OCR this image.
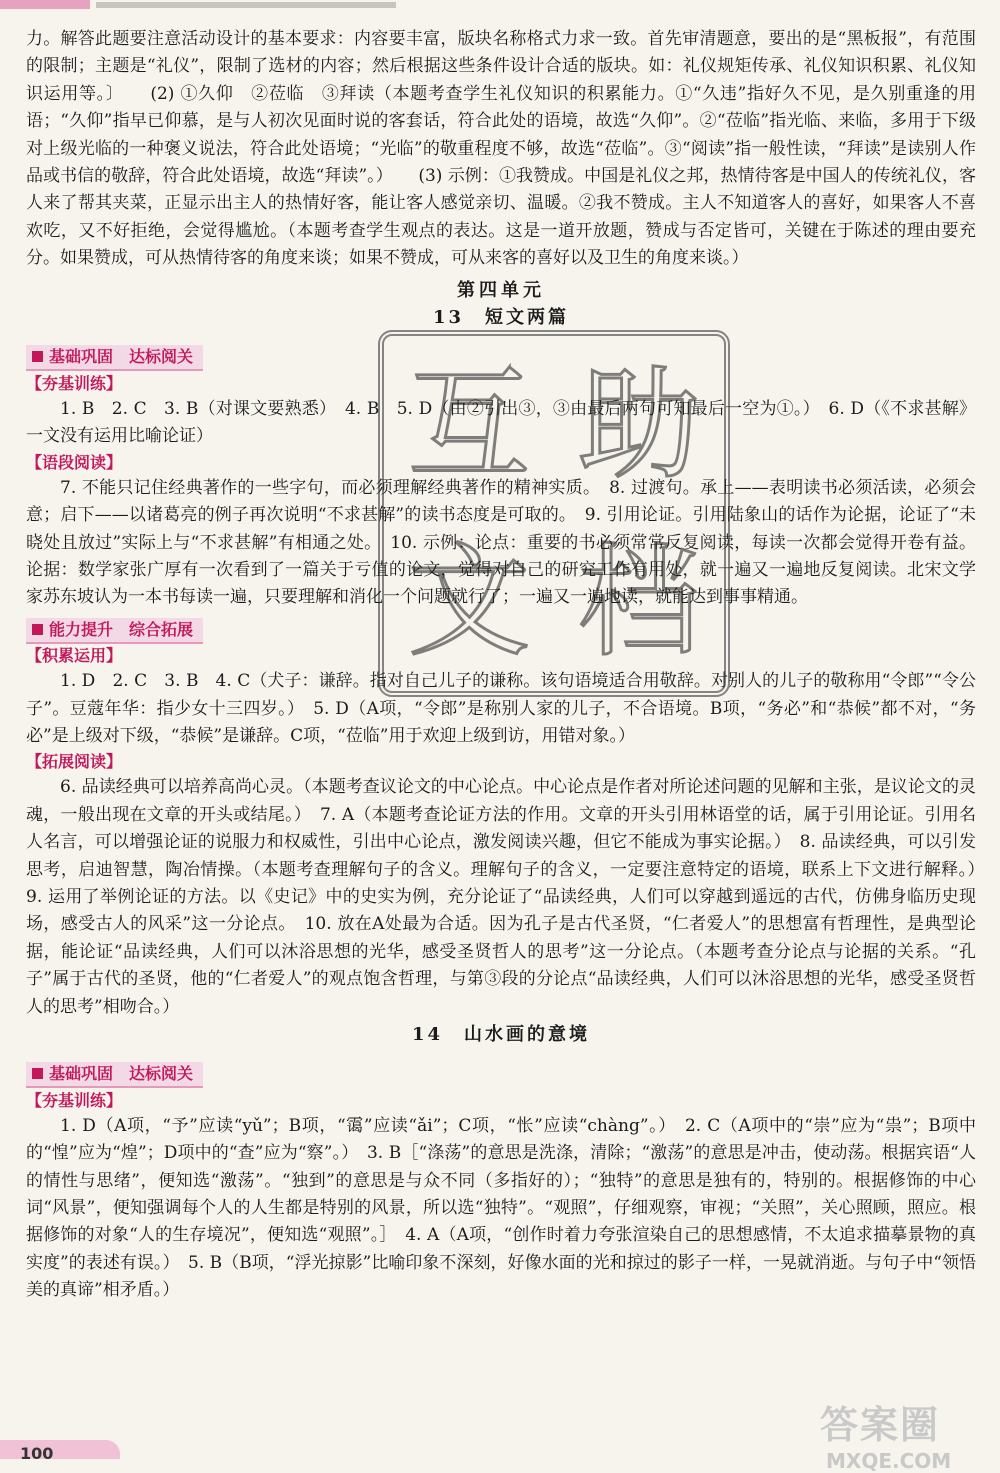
力。解答此题要注意活动设计的基本要求：内容要丰富，版块名称格式力求一致。首先审清题意，要出的是“黑板报”，有范围的限制；主题是“礼仪”，限制了选材的内容；然后根据这些条件设计合适的版块。如：礼仪规矩传承、礼仪知识积累、礼仪知识运用等。〕　　(2) ①久仰　②莅临　③拜读（本题考查学生礼仪知识的积累能力。①“久违”指好久不见，是久别重逢的用语；“久仰”指早已仰慕，是与人初次见面时说的客套话，符合此处的语境，故选“久仰”。②“莅临”指光临、来临，多用于下级对上级光临的一种褒义说法，符合此处语境；“光临”的敬重程度不够，故选“莅临”。③“阅读”指一般性读，“拜读”是读别人作品或书信的敬辞，符合此处语境，故选“拜读”。）　　(3) 示例：①我赞成。中国是礼仪之邦，热情待客是中国人的传统礼仪，客人来了帮其夹菜，正显示出主人的热情好客，能让客人感觉亲切、温暖。②我不赞成。主人不知道客人的喜好，如果客人不喜欢吃，又不好拒绝，会觉得尴尬。（本题考查学生观点的表达。这是一道开放题，赞成与否定皆可，关键在于陈述的理由要充分。如果赞成，可从热情待客的角度来谈；如果不赞成，可从来客的喜好以及卫生的角度来谈。）

第四单元
13　短文两篇
基础巩固　达标阅关
【夯基训练】

1. B　2. C　3. B（对课文要熟悉）　4. B　5. D（由②引出③，③由最后两句可知最后一空为①。）　6. D（《不求甚解》一文没有运用比喻论证）

【语段阅读】

7. 不能只记住经典著作的一些字句，而必须理解经典著作的精神实质。　8. 过渡句。承上——表明读书必须活读，必须会意；启下——以诸葛亮的例子再次说明“不求甚解”的读书态度是可取的。　9. 引用论证。引用陆象山的话作为论据，论证了“未晓处且放过”实际上与“不求甚解”有相通之处。　10. 示例：论点：重要的书必须常常反复阅读，每读一次都会觉得开卷有益。论据：数学家张广厚有一次看到了一篇关于亏值的论文，觉得对自己的研究工作有用处，就一遍又一遍地反复阅读。北宋文学家苏东坡认为一本书每读一遍，只要理解和消化一个问题就行了；一遍又一遍地读，就能达到事事精通。

能力提升　综合拓展
【积累运用】

1. D　2. C　3. B　4. C（犬子：谦辞。指对自己儿子的谦称。该句语境适合用敬辞。对别人的儿子的敬称用“令郎”“令公子”。豆蔻年华：指少女十三四岁。）　5. D（A项，“令郎”是称别人家的儿子，不合语境。B项，“务必”和“恭候”都不对，“务必”是上级对下级，“恭候”是谦辞。C项，“莅临”用于欢迎上级到访，用错对象。）

【拓展阅读】

6. 品读经典可以培养高尚心灵。（本题考查议论文的中心论点。中心论点是作者对所论述问题的见解和主张，是议论文的灵魂，一般出现在文章的开头或结尾。）　7. A（本题考查论证方法的作用。文章的开头引用林语堂的话，属于引用论证。引用名人名言，可以增强论证的说服力和权威性，引出中心论点，激发阅读兴趣，但它不能成为事实论据。）　8. 品读经典，可以引发思考，启迪智慧，陶冶情操。（本题考查理解句子的含义。理解句子的含义，一定要注意特定的语境，联系上下文进行解释。）　9. 运用了举例论证的方法。以《史记》中的史实为例，充分论证了“品读经典，人们可以穿越到遥远的古代，仿佛身临历史现场，感受古人的风采”这一分论点。　10. 放在A处最为合适。因为孔子是古代圣贤，“仁者爱人”的思想富有哲理性，是典型论据，能论证“品读经典，人们可以沐浴思想的光华，感受圣贤哲人的思考”这一分论点。（本题考查分论点与论据的关系。“孔子”属于古代的圣贤，他的“仁者爱人”的观点饱含哲理，与第③段的分论点“品读经典，人们可以沐浴思想的光华，感受圣贤哲人的思考”相吻合。）

14　山水画的意境
基础巩固　达标阅关
【夯基训练】

1. D（A项，“予”应读“yǔ”；B项，“霭”应读“ǎi”；C项，“怅”应读“chàng”。）　2. C（A项中的“崇”应为“祟”；B项中的“惶”应为“煌”；D项中的“查”应为“察”。）　3. B［“涤荡”的意思是洗涤，清除；“激荡”的意思是冲击，使动荡。根据宾语“人的情性与思绪”，便知选“激荡”。“独到”的意思是与众不同（多指好的）；“独特”的意思是独有的，特别的。根据修饰的中心词“风景”，便知强调每个人的人生都是特别的风景，所以选“独特”。“观照”，仔细观察，审视；“关照”，关心照顾，照应。根据修饰的对象“人的生存境况”，便知选“观照”。］　4. A（A项，“创作时着力夸张渲染自己的思想感情，不太追求描摹景物的真实度”的表述有误。）　5. B（B项，“浮光掠影”比喻印象不深刻，好像水面的光和掠过的影子一样，一晃就消逝。与句子中“领悟美的真谛”相矛盾。）

互 助
文 档
100
答案圈
MXQE.COM
